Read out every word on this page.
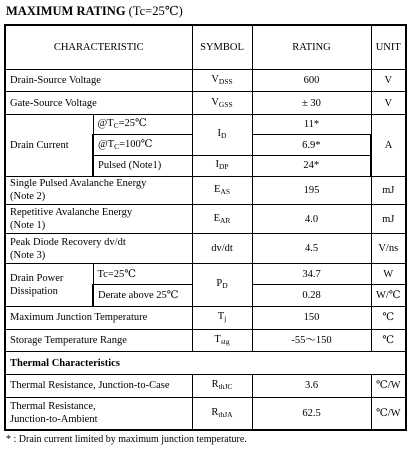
MAXIMUM RATING (Tc=25℃)
CHARACTERISTIC		SYMBOL	RATING	UNIT
Drain-Source Voltage		$V_{DSS}$	600	V
Gate-Source Voltage		$V_{GSS}$	± 30	V
Drain Current	$@T_C=25℃$	$I_D$	11*	A
	$@T_C=100℃$		6.9*	
	Pulsed (Note1)	$I_{DP}$	24*	
Single Pulsed Avalanche Energy
(Note 2)		$E_{AS}$	195	mJ
Repetitive Avalanche Energy
(Note 1)		$E_{AR}$	4.0	mJ
Peak Diode Recovery dv/dt
(Note 3)		dv/dt	4.5	V/ns
Drain Power
Dissipation	Tc=25℃	$P_D$	34.7	W
	Derate above 25℃		0.28	W/℃
Maximum Junction Temperature		$T_j$	150	℃
Storage Temperature Range		$T_{stg}$	-55～150	℃
Thermal Characteristics				
Thermal Resistance, Junction-to-Case		$R_{thJC}$	3.6	℃/W
Thermal Resistance,
Junction-to-Ambient		$R_{thJA}$	62.5	℃/W
* : Drain current limited by maximum junction temperature.
